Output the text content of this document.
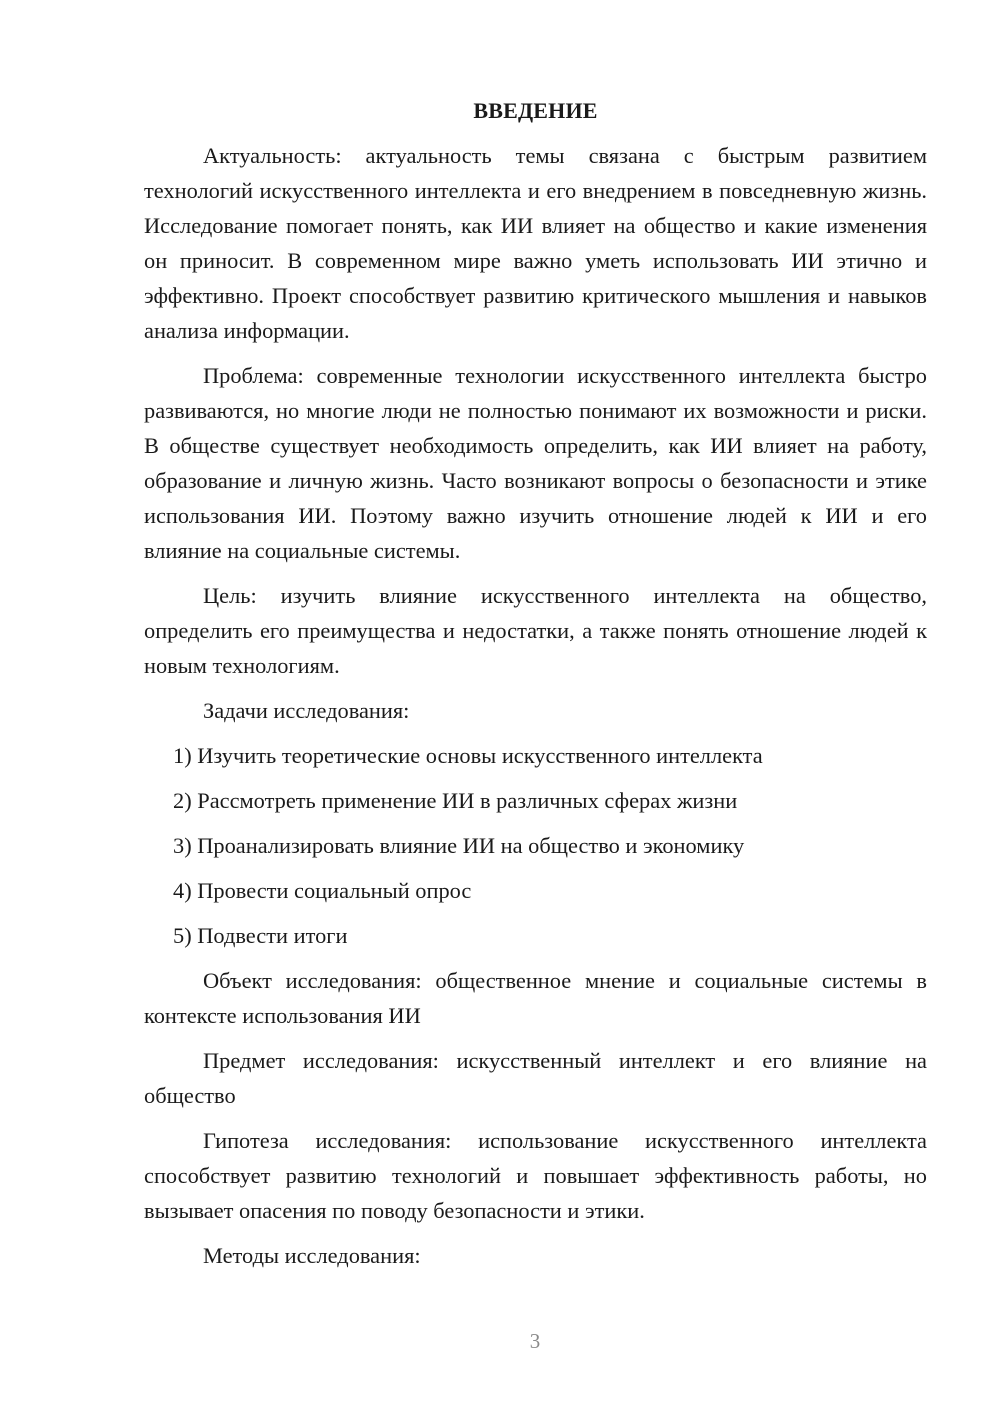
ВВЕДЕНИЕ

Актуальность: актуальность темы связана с быстрым развитием технологий искусственного интеллекта и его внедрением в повседневную жизнь. Исследование помогает понять, как ИИ влияет на общество и какие изменения он приносит. В современном мире важно уметь использовать ИИ этично и эффективно. Проект способствует развитию критического мышления и навыков анализа информации.

Проблема: современные технологии искусственного интеллекта быстро развиваются, но многие люди не полностью понимают их возможности и риски. В обществе существует необходимость определить, как ИИ влияет на работу, образование и личную жизнь. Часто возникают вопросы о безопасности и этике использования ИИ. Поэтому важно изучить отношение людей к ИИ и его влияние на социальные системы.

Цель: изучить влияние искусственного интеллекта на общество, определить его преимущества и недостатки, а также понять отношение людей к новым технологиям.

Задачи исследования:

1) Изучить теоретические основы искусственного интеллекта
2) Рассмотреть применение ИИ в различных сферах жизни
3) Проанализировать влияние ИИ на общество и экономику
4) Провести социальный опрос
5) Подвести итоги

Объект исследования: общественное мнение и социальные системы в контексте использования ИИ

Предмет исследования: искусственный интеллект и его влияние на общество

Гипотеза исследования: использование искусственного интеллекта способствует развитию технологий и повышает эффективность работы, но вызывает опасения по поводу безопасности и этики.

Методы исследования:

3
